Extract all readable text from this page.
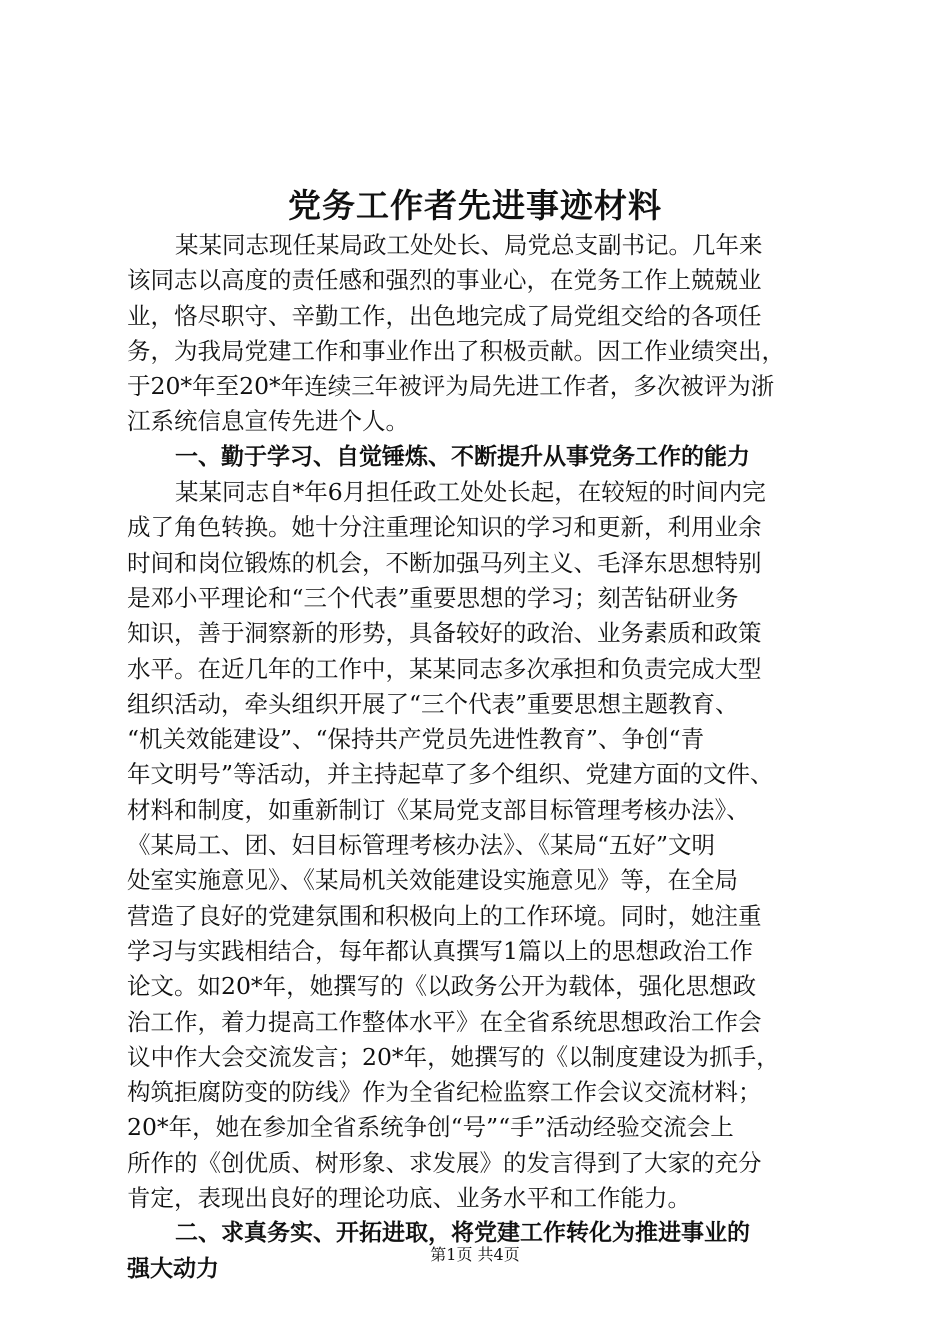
党务工作者先进事迹材料
某某同志现任某局政工处处长、局党总支副书记。几年来
该同志以高度的责任感和强烈的事业心，在党务工作上兢兢业
业，恪尽职守、辛勤工作，出色地完成了局党组交给的各项任
务，为我局党建工作和事业作出了积极贡献。因工作业绩突出，
于20*年至20*年连续三年被评为局先进工作者，多次被评为浙
江系统信息宣传先进个人。
一、勤于学习、自觉锤炼、不断提升从事党务工作的能力
某某同志自*年6月担任政工处处长起，在较短的时间内完
成了角色转换。她十分注重理论知识的学习和更新，利用业余
时间和岗位锻炼的机会，不断加强马列主义、毛泽东思想特别
是邓小平理论和“三个代表”重要思想的学习；刻苦钻研业务
知识，善于洞察新的形势，具备较好的政治、业务素质和政策
水平。在近几年的工作中，某某同志多次承担和负责完成大型
组织活动，牵头组织开展了“三个代表”重要思想主题教育、
“机关效能建设”、“保持共产党员先进性教育”、争创“青
年文明号”等活动，并主持起草了多个组织、党建方面的文件、
材料和制度，如重新制订《某局党支部目标管理考核办法》、
《某局工、团、妇目标管理考核办法》、《某局“五好”文明
处室实施意见》、《某局机关效能建设实施意见》等，在全局
营造了良好的党建氛围和积极向上的工作环境。同时，她注重
学习与实践相结合，每年都认真撰写1篇以上的思想政治工作
论文。如20*年，她撰写的《以政务公开为载体，强化思想政
治工作，着力提高工作整体水平》在全省系统思想政治工作会
议中作大会交流发言；20*年，她撰写的《以制度建设为抓手，
构筑拒腐防变的防线》作为全省纪检监察工作会议交流材料；
20*年，她在参加全省系统争创“号”“手”活动经验交流会上
所作的《创优质、树形象、求发展》的发言得到了大家的充分
肯定，表现出良好的理论功底、业务水平和工作能力。
二、求真务实、开拓进取，将党建工作转化为推进事业的
强大动力
第1页 共4页
